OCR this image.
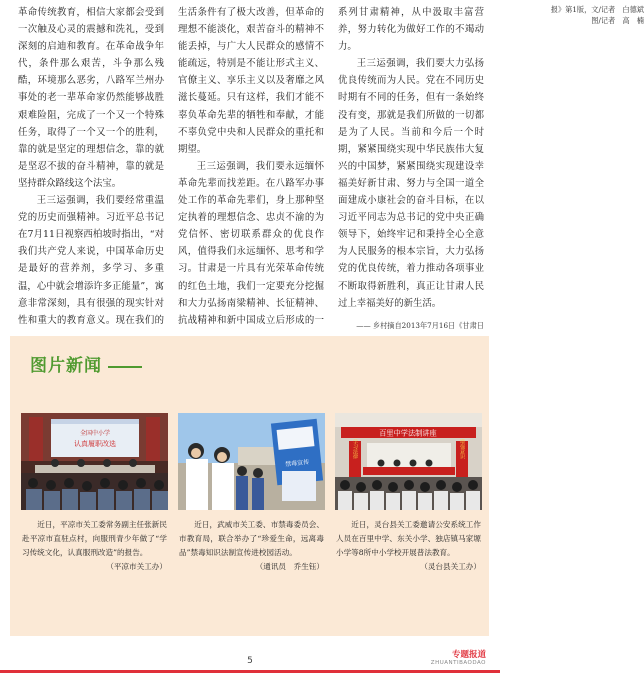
革命传统教育，相信大家都会受到一次触及心灵的震撼和洗礼，受到深刻的启迪和教育。在革命战争年代，条件那么艰苦，斗争那么残酷，环境那么恶劣，八路军兰州办事处的老一辈革命家仍然能够战胜艰难险阻，完成了一个又一个特殊任务，取得了一个又一个的胜利，靠的就是坚定的理想信念，靠的就是坚忍不拔的奋斗精神，靠的就是坚持群众路线这个法宝。

王三运强调，我们要经常重温党的历史而强精神。习近平总书记在7月11日视察西柏坡时指出，“对我们共产党人来说，中国革命历史是最好的营养剂，多学习、多重温，心中就会增添许多正能量”，寓意非常深刻，具有很强的现实针对性和重大的教育意义。现在我们的生活条件有了极大改善，但革命的理想不能淡化，艰苦奋斗的精神不能丢掉，与广大人民群众的感情不能疏远，特别是不能让形式主义、官僚主义、享乐主义以及奢靡之风滋长蔓延。只有这样，我们才能不辜负革命先辈的牺牲和奉献，才能不辜负党中央和人民群众的重托和期望。

王三运强调，我们要永远缅怀革命先辈而找差距。在八路军办事处工作的革命先辈们，身上那种坚定执着的理想信念、忠贞不渝的为党信怀、密切联系群众的优良作风，值得我们永远缅怀、思考和学习。甘肃是一片具有光荣革命传统的红色土地，我们一定要充分挖掘和大力弘扬南梁精神、长征精神、抗战精神和新中国成立后形成的一系列甘肃精神，从中汲取丰富营养，努力转化为做好工作的不竭动力。

王三运强调，我们要大力弘扬优良传统而为人民。党在不同历史时期有不同的任务，但有一条始终没有变，那就是我们所做的一切都是为了人民。当前和今后一个时期，紧紧围绕实现中华民族伟大复兴的中国梦，紧紧围绕实现建设幸福美好新甘肃、努力与全国一道全面建成小康社会的奋斗目标，在以习近平同志为总书记的党中央正确领导下，始终牢记和秉持全心全意为人民服务的根本宗旨，大力弘扬党的优良传统，着力推动各项事业不断取得新胜利，真正让甘肃人民过上幸福美好的新生活。

—— 乡村摘自2013年7月16日《甘肃日
报》第1版，文/记者　白德斌
图/记者　高　楠
图片新闻
全国中小学
认真履职改选
禁毒宣传
百里中学法制讲座
学习法律	增强意识

近日，平凉市关工委常务副主任张新民赴平凉市直驻点村，向服刑青少年做了“学习传统文化，认真服刑改造”的报告。

（平凉市关工办）

近日，武威市关工委、市禁毒委员会、市教育局，联合举办了“珍爱生命，远离毒品”禁毒知识法制宣传进校园活动。

（通讯员　乔生钰）

近日，灵台县关工委邀请公安系统工作人员在百里中学、东关小学、独店镇马家塬小学等8所中小学校开展普法教育。

（灵台县关工办）
5
专题报道
ZHUANTIBAODAO
